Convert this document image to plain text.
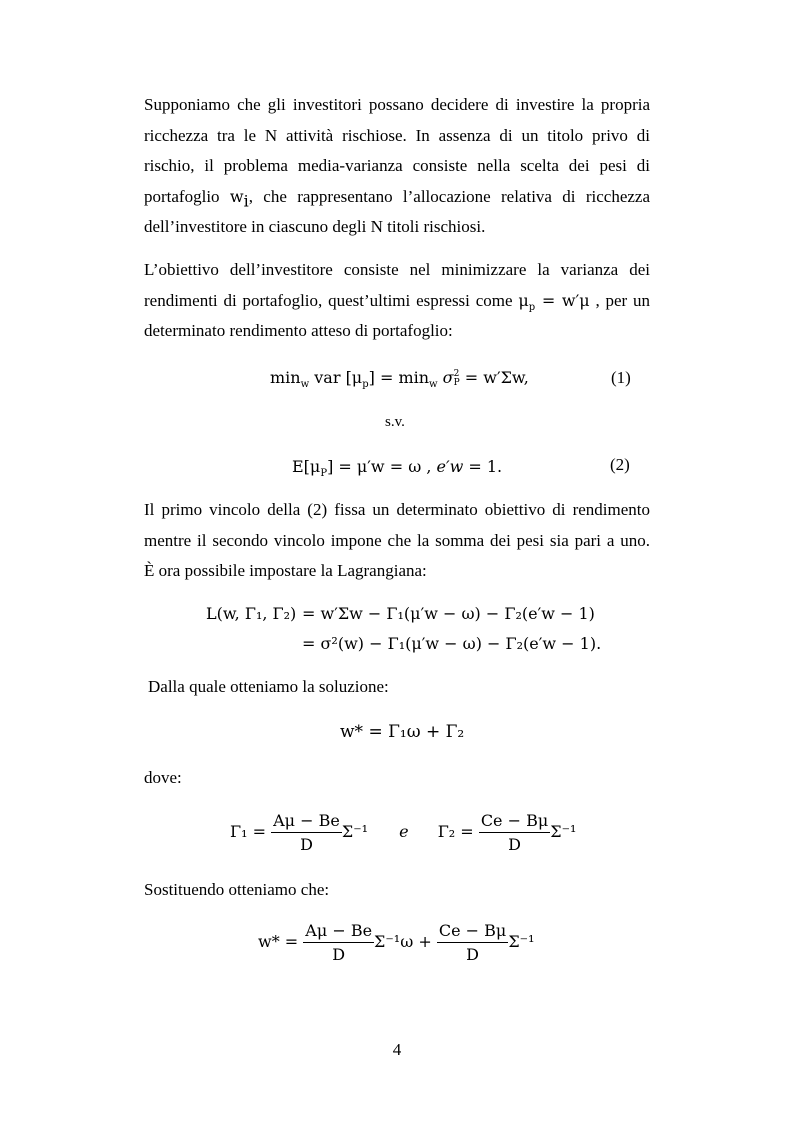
Supponiamo che gli investitori possano decidere di investire la propria
ricchezza tra le N attività rischiose. In assenza di un titolo privo di
rischio, il problema media-varianza consiste nella scelta dei pesi di
portafoglio $w_i$, che rappresentano l’allocazione relativa di ricchezza
dell’investitore in ciascuno degli N titoli rischiosi.
L’obiettivo dell’investitore consiste nel minimizzare la varianza dei
rendimenti di portafoglio, quest’ultimi espressi come $\mu_p = w'\mu$ , per un
determinato rendimento atteso di portafoglio:
$\min_w$ var $[\mu_p] = \min_w \sigma$ 2
P = w′Σw,	(1)
s.v.
$E[\mu_P] = \mu'w = \omega$ , e′w = 1.	(2)
Il primo vincolo della (2) fissa un determinato obiettivo di rendimento
mentre il secondo vincolo impone che la somma dei pesi sia pari a uno.
È ora possibile impostare la Lagrangiana:
L(w, Γ₁, Γ₂) = w′Σw − Γ₁(μ′w − ω) − Γ₂(e′w − 1)
= σ²(w) − Γ₁(μ′w − ω) − Γ₂(e′w − 1).
Dalla quale otteniamo la soluzione:
w* = Γ₁ω + Γ₂
dove:
$\Gamma_1 = \frac{A\mu - Be}{D} \Sigma^{-1}$ e $\Gamma_2 = \frac{Ce - B\mu}{D} \Sigma^{-1}$
Sostituendo otteniamo che:
$w* = \frac{A\mu - Be}{D} \Sigma^{-1}\omega + \frac{Ce - B\mu}{D} \Sigma^{-1}$
4
